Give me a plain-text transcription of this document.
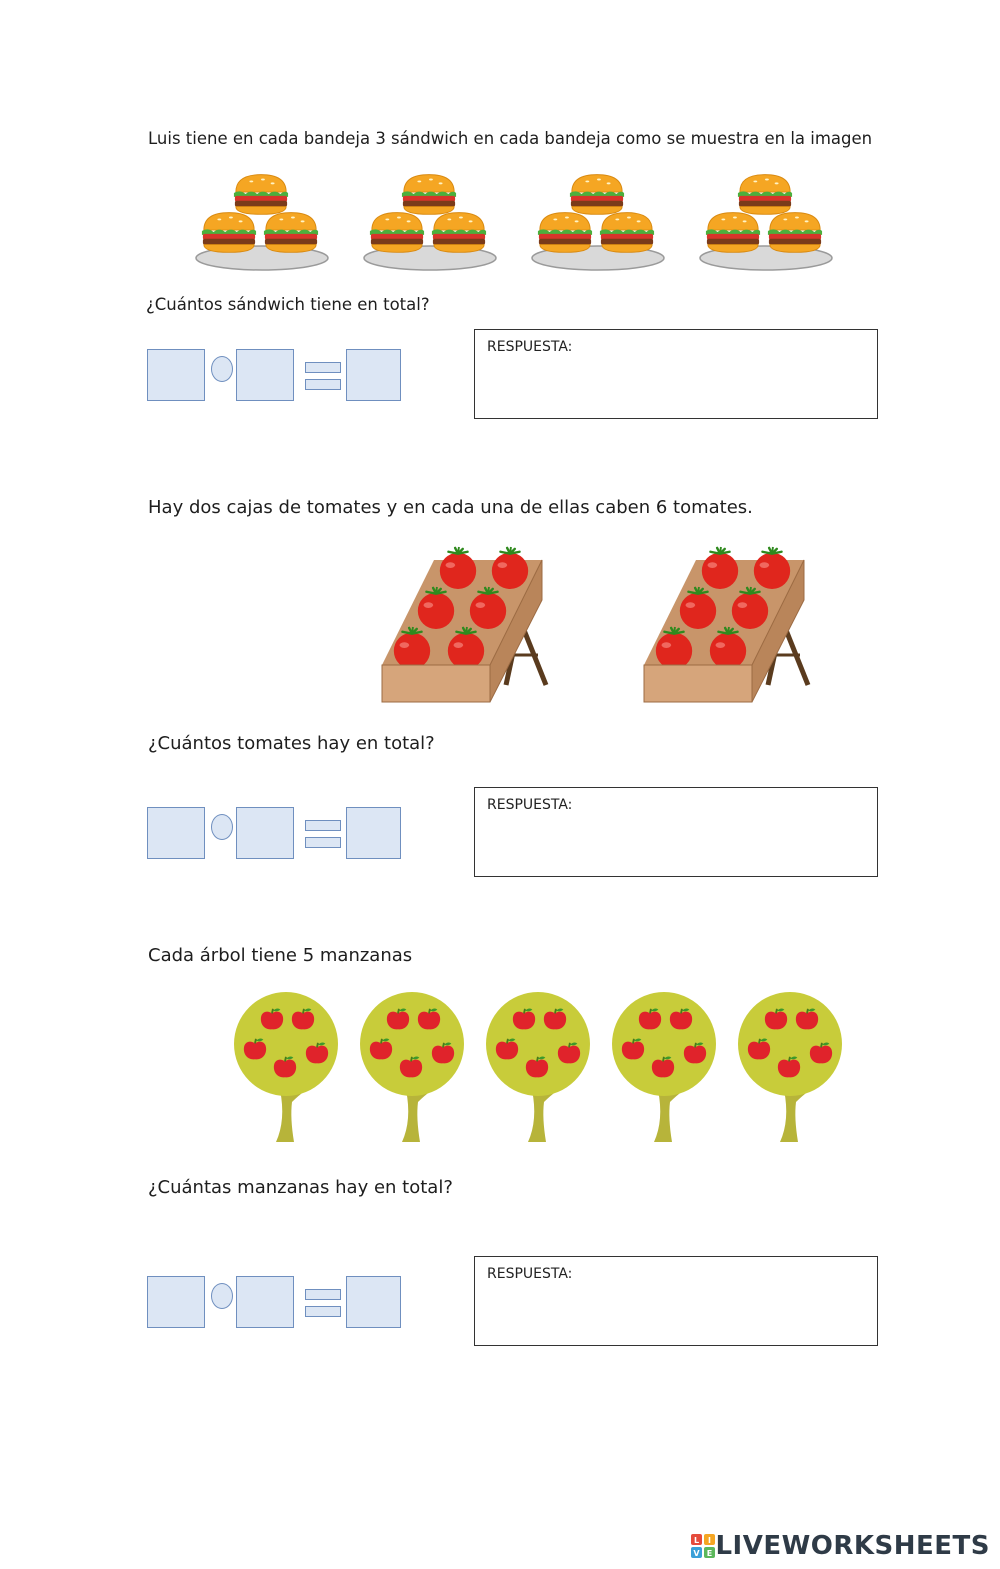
Luis tiene en cada bandeja 3 sándwich en cada bandeja como se muestra en la imagen
¿Cuántos sándwich tiene en total?
RESPUESTA:
Hay dos cajas de tomates y en cada una de ellas caben 6 tomates.
¿Cuántos tomates hay en total?
RESPUESTA:
Cada árbol tiene 5 manzanas
¿Cuántas manzanas hay en total?
RESPUESTA:
L I
V E LIVEWORKSHEETS
